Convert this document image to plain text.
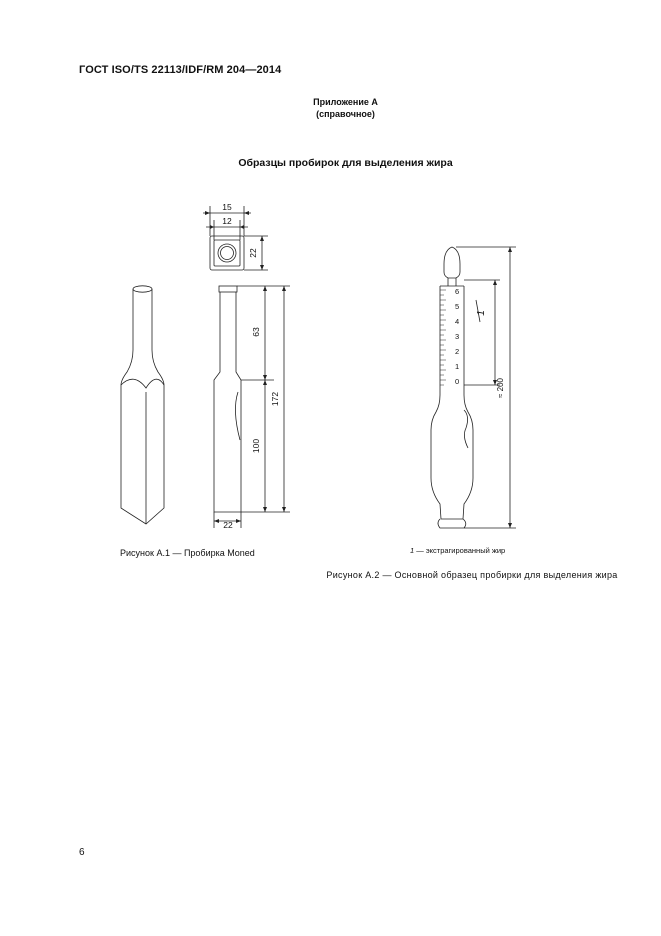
ГОСТ ISO/TS 22113/IDF/RM 204—2014
Приложение А
(справочное)
Образцы пробирок для выделения жира
15
12
22
63
172
100
22
6
5
4
3
2
1
0
1
≈ 200
Рисунок А.1 — Пробирка Mоnеd	1 — экстрагированный жир
Рисунок А.2 — Основной образец пробирки для выделения жира
6
